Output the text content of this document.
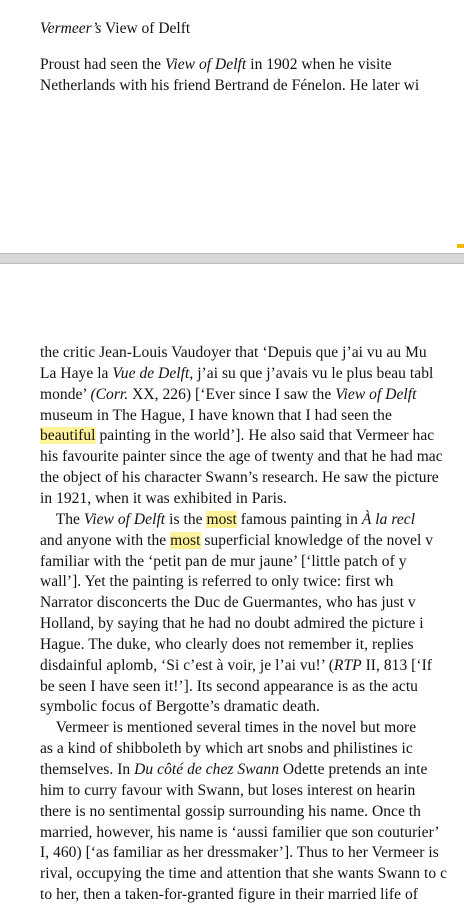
Vermeer’s View of Delft
Proust had seen the View of Delft in 1902 when he visite
Netherlands with his friend Bertrand de Fénelon. He later wi
the critic Jean-Louis Vaudoyer that ‘Depuis que j’ai vu au Mu
La Haye la Vue de Delft, j’ai su que j’avais vu le plus beau tabl
monde’ (Corr. XX, 226) [‘Ever since I saw the View of Delft
museum in The Hague, I have known that I had seen the
beautiful painting in the world’]. He also said that Vermeer hac
his favourite painter since the age of twenty and that he had mac
the object of his character Swann’s research. He saw the picture
in 1921, when it was exhibited in Paris.
The View of Delft is the most famous painting in À la recl
and anyone with the most superficial knowledge of the novel v
familiar with the ‘petit pan de mur jaune’ [‘little patch of y
wall’]. Yet the painting is referred to only twice: first wh
Narrator disconcerts the Duc de Guermantes, who has just v
Holland, by saying that he had no doubt admired the picture i
Hague. The duke, who clearly does not remember it, replies
disdainful aplomb, ‘Si c’est à voir, je l’ai vu!’ (RTP II, 813 [‘If
be seen I have seen it!’]. Its second appearance is as the actu
symbolic focus of Bergotte’s dramatic death.
Vermeer is mentioned several times in the novel but more
as a kind of shibboleth by which art snobs and philistines ic
themselves. In Du côté de chez Swann Odette pretends an inte
him to curry favour with Swann, but loses interest on hearin
there is no sentimental gossip surrounding his name. Once th
married, however, his name is ‘aussi familier que son couturier’
I, 460) [‘as familiar as her dressmaker’]. Thus to her Vermeer is
rival, occupying the time and attention that she wants Swann to c
to her, then a taken-for-granted figure in their married life of
